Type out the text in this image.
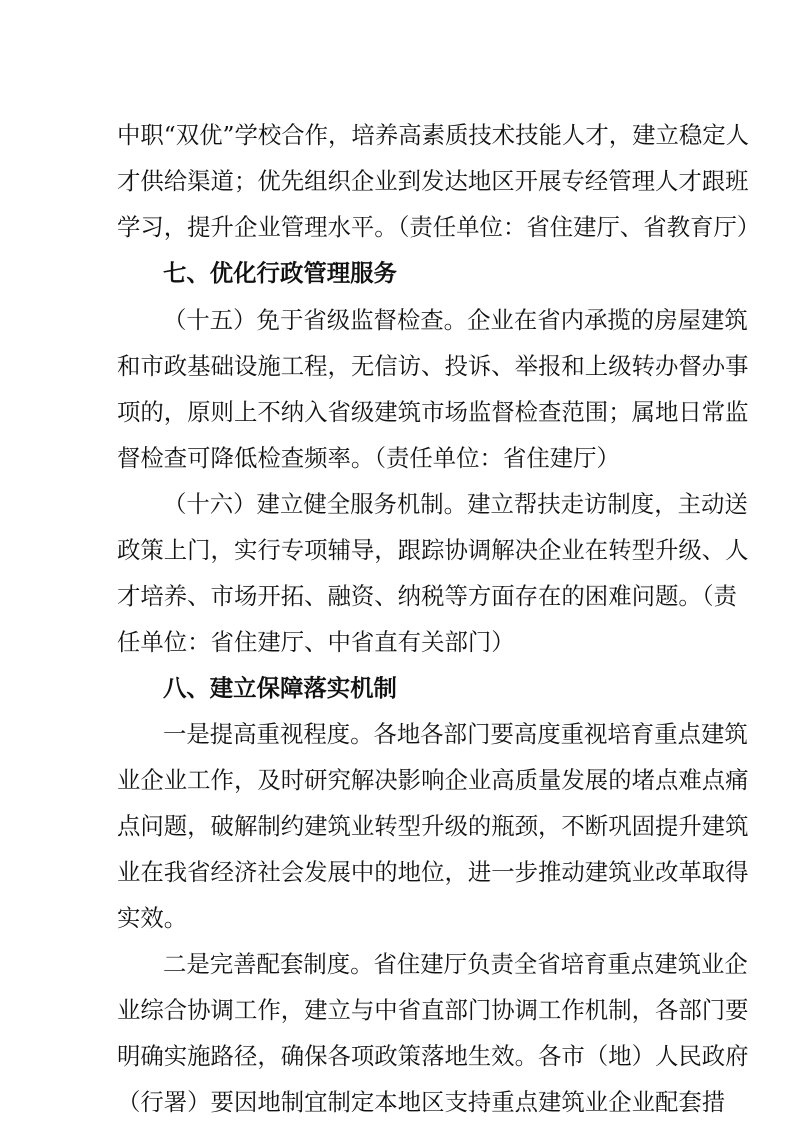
中职“双优”学校合作，培养高素质技术技能人才，建立稳定人
才供给渠道；优先组织企业到发达地区开展专经管理人才跟班
学习，提升企业管理水平。（责任单位：省住建厅、省教育厅）
七、优化行政管理服务
（十五）免于省级监督检查。企业在省内承揽的房屋建筑
和市政基础设施工程，无信访、投诉、举报和上级转办督办事
项的，原则上不纳入省级建筑市场监督检查范围；属地日常监
督检查可降低检查频率。（责任单位：省住建厅）
（十六）建立健全服务机制。建立帮扶走访制度，主动送
政策上门，实行专项辅导，跟踪协调解决企业在转型升级、人
才培养、市场开拓、融资、纳税等方面存在的困难问题。（责
任单位：省住建厅、中省直有关部门）
八、建立保障落实机制
一是提高重视程度。各地各部门要高度重视培育重点建筑
业企业工作，及时研究解决影响企业高质量发展的堵点难点痛
点问题，破解制约建筑业转型升级的瓶颈，不断巩固提升建筑
业在我省经济社会发展中的地位，进一步推动建筑业改革取得
实效。
二是完善配套制度。省住建厅负责全省培育重点建筑业企
业综合协调工作，建立与中省直部门协调工作机制，各部门要
明确实施路径，确保各项政策落地生效。各市（地）人民政府
（行署）要因地制宜制定本地区支持重点建筑业企业配套措
